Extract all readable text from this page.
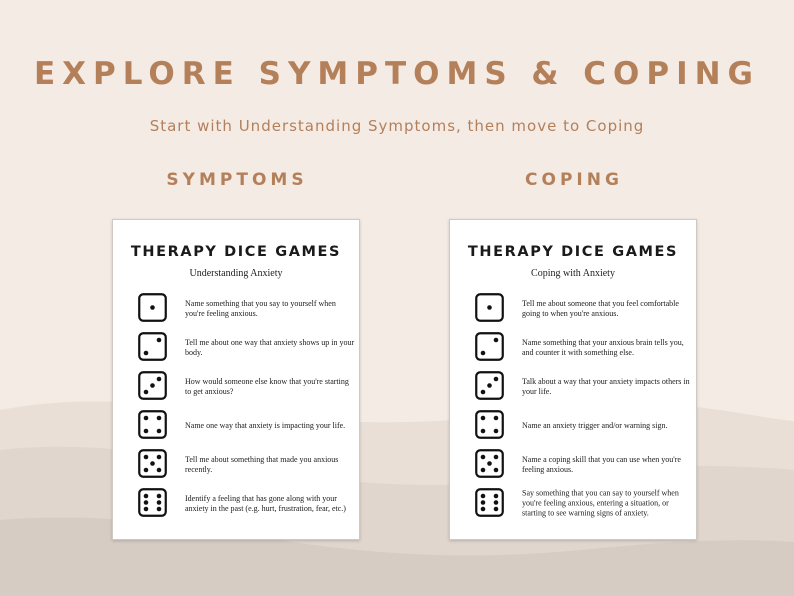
EXPLORE SYMPTOMS & COPING
Start with Understanding Symptoms, then move to Coping
SYMPTOMS	COPING
THERAPY DICE GAMES
Understanding Anxiety
Name something that you say to yourself when you're feeling anxious.
Tell me about one way that anxiety shows up in your body.
How would someone else know that you're starting to get anxious?
Name one way that anxiety is impacting your life.
Tell me about something that made you anxious recently.
Identify a feeling that has gone along with your anxiety in the past (e.g. hurt, frustration, fear, etc.)
THERAPY DICE GAMES
Coping with Anxiety
Tell me about someone that you feel comfortable going to when you're anxious.
Name something that your anxious brain tells you, and counter it with something else.
Talk about a way that your anxiety impacts others in your life.
Name an anxiety trigger and/or warning sign.
Name a coping skill that you can use when you're feeling anxious.
Say something that you can say to yourself when you're feeling anxious, entering a situation, or starting to see warning signs of anxiety.
